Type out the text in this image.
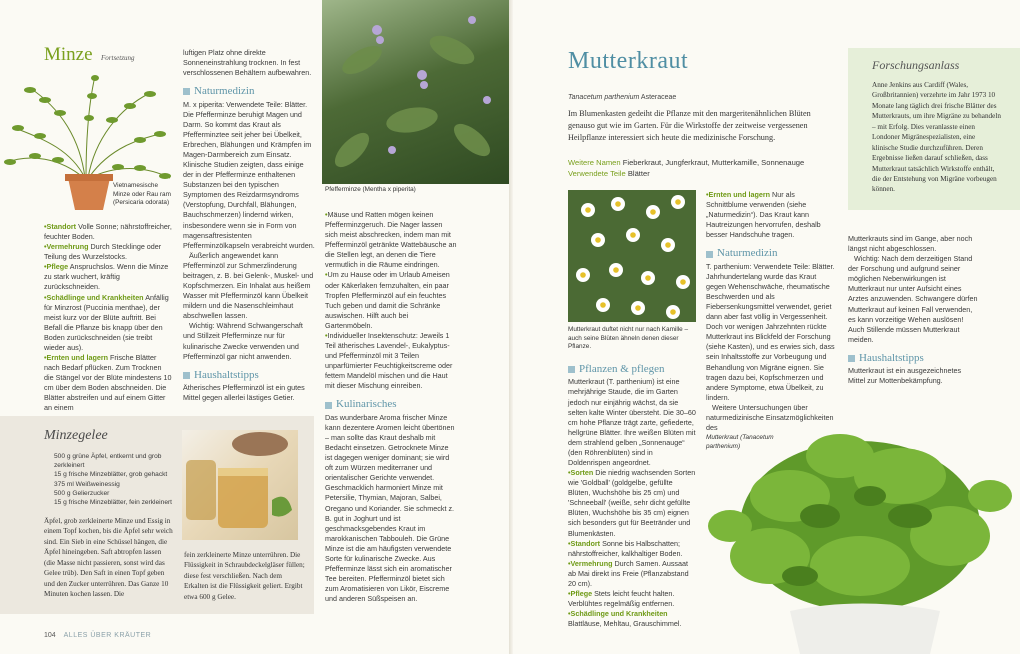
Minze Fortsetzung
Vietnamesische Minze oder Rau ram (Persicaria odorata)

• Standort Volle Sonne; nährstoffreicher, feuchter Boden.

• Vermehrung Durch Stecklinge oder Teilung des Wurzelstocks.

• Pflege Anspruchslos. Wenn die Minze zu stark wuchert, kräftig zurückschneiden.

• Schädlinge und Krankheiten Anfällig für Minzrost (Puccinia menthae), der meist kurz vor der Blüte auftritt. Bei Befall die Pflanze bis knapp über den Boden zurückschneiden (sie treibt wieder aus).

• Ernten und lagern Frische Blätter nach Bedarf pflücken. Zum Trocknen die Stängel vor der Blüte mindestens 10 cm über dem Boden abschneiden. Die Blätter abstreifen und auf einem Gitter an einem

luftigen Platz ohne direkte Sonneneinstrahlung trocknen. In fest verschlossenen Behältern aufbewahren.

Naturmedizin

M. x piperita: Verwendete Teile: Blätter. Die Pfefferminze beruhigt Magen und Darm. So kommt das Kraut als Pfefferminztee seit jeher bei Übelkeit, Erbrechen, Blähungen und Krämpfen im Magen-Darmbereich zum Einsatz. Klinische Studien zeigten, dass einige der in der Pfefferminze enthaltenen Substanzen bei den typischen Symptomen des Reizdarmsyndroms (Verstopfung, Durchfall, Blähungen, Bauchschmerzen) lindernd wirken, insbesondere wenn sie in Form von magensaftresistenten Pfefferminzölkapseln verabreicht wurden.

Äußerlich angewendet kann Pfefferminzöl zur Schmerzlinderung beitragen, z. B. bei Gelenk-, Muskel- und Kopfschmerzen. Ein Inhalat aus heißem Wasser mit Pfefferminzöl kann Übelkeit mildern und die Nasenschleimhaut abschwellen lassen.

Wichtig: Während Schwangerschaft und Stillzeit Pfefferminze nur für kulinarische Zwecke verwenden und Pfefferminzöl gar nicht anwenden.

Haushaltstipps

Ätherisches Pfefferminzöl ist ein gutes Mittel gegen allerlei lästiges Getier.

Pfefferminze (Mentha x piperita)

• Mäuse und Ratten mögen keinen Pfefferminzgeruch. Die Nager lassen sich meist abschrecken, indem man mit Pfefferminzöl getränkte Wattebäusche an die Stellen legt, an denen die Tiere vermutlich in die Räume eindringen.

• Um zu Hause oder im Urlaub Ameisen oder Käkerlaken fernzuhalten, ein paar Tropfen Pfefferminzöl auf ein feuchtes Tuch geben und damit die Schränke auswischen. Hilft auch bei Gartenmöbeln.

• Individueller Insektenschutz: Jeweils 1 Teil ätherisches Lavendel-, Eukalyptus- und Pfefferminzöl mit 3 Teilen unparfümierter Feuchtigkeitscreme oder fettem Mandelöl mischen und die Haut mit dieser Mischung einreiben.

Kulinarisches

Das wunderbare Aroma frischer Minze kann dezentere Aromen leicht übertönen – man sollte das Kraut deshalb mit Bedacht einsetzen. Getrocknete Minze ist dagegen weniger dominant; sie wird oft zum Würzen mediterraner und orientalischer Gerichte verwendet. Geschmacklich harmoniert Minze mit Petersilie, Thymian, Majoran, Salbei, Oregano und Koriander. Sie schmeckt z. B. gut in Joghurt und ist geschmacksgebendes Kraut im marokkanischen Tabbouleh. Die Grüne Minze ist die am häufigsten verwendete Sorte für kulinarische Zwecke. Aus Pfefferminze lässt sich ein aromatischer Tee bereiten. Pfefferminzöl bietet sich zum Aromatisieren von Likör, Eiscreme und anderen Süßspeisen an.

Minzegelee

500 g grüne Äpfel, entkernt und grob zerkleinert

15 g frische Minzeblätter, grob gehackt

375 ml Weißweinessig

500 g Gelierzucker

15 g frische Minzeblätter, fein zerkleinert

Äpfel, grob zerkleinerte Minze und Essig in einem Topf kochen, bis die Äpfel sehr weich sind. Ein Sieb in eine Schüssel hängen, die Äpfel hineingeben. Saft abtropfen lassen (die Masse nicht passieren, sonst wird das Gelee trüb). Den Saft in einen Topf geben und den Zucker unterrühren. Das Ganze 10 Minuten kochen lassen. Die
fein zerkleinerte Minze unterrühren. Die Flüssigkeit in Schraubdeckelgläser füllen; diese fest verschließen. Nach dem Erkalten ist die Flüssigkeit geliert. Ergibt etwa 600 g Gelee.
104 ALLES ÜBER KRÄUTER
Mutterkraut
Tanacetum parthenium Asteraceae
Im Blumenkasten gedeiht die Pflanze mit den margeritenähnlichen Blüten genauso gut wie im Garten. Für die Wirkstoffe der zeitweise vergessenen Heilpflanze interessiert sich heute die medizinische Forschung.

Weitere Namen Fieberkraut, Jungferkraut, Mutterkamille, Sonnenauge

Verwendete Teile Blätter

Mutterkraut duftet nicht nur nach Kamille – auch seine Blüten ähneln denen dieser Pflanze.
Pflanzen & pflegen

Mutterkraut (T. parthenium) ist eine mehrjährige Staude, die im Garten jedoch nur einjährig wächst, da sie selten kalte Winter übersteht. Die 30–60 cm hohe Pflanze trägt zarte, gefiederte, hellgrüne Blätter. Ihre weißen Blüten mit dem strahlend gelben „Sonnenauge“ (den Röhrenblüten) sind in Doldenrispen angeordnet.

• Sorten Die niedrig wachsenden Sorten wie 'Goldball' (goldgelbe, gefüllte Blüten, Wuchshöhe bis 25 cm) und 'Schneeball' (weiße, sehr dicht gefüllte Blüten, Wuchshöhe bis 35 cm) eignen sich besonders gut für Beetränder und Blumenkästen.

• Standort Sonne bis Halbschatten; nährstoffreicher, kalkhaltiger Boden.

• Vermehrung Durch Samen. Aussaat ab Mai direkt ins Freie (Pflanzabstand 20 cm).

• Pflege Stets leicht feucht halten. Verblühtes regelmäßig entfernen.

• Schädlinge und Krankheiten Blattläuse, Mehltau, Grauschimmel.

• Ernten und lagern Nur als Schnittblume verwenden (siehe „Naturmedizin“). Das Kraut kann Hautreizungen hervorrufen, deshalb besser Handschuhe tragen.

Naturmedizin

T. parthenium: Verwendete Teile: Blätter. Jahrhundertelang wurde das Kraut gegen Wehenschwäche, rheumatische Beschwerden und als Fiebersenkungsmittel verwendet, geriet dann aber fast völlig in Vergessenheit. Doch vor wenigen Jahrzehnten rückte Mutterkraut ins Blickfeld der Forschung (siehe Kasten), und es erwies sich, dass sein Inhaltsstoffe zur Vorbeugung und Behandlung von Migräne eignen. Sie tragen dazu bei, Kopfschmerzen und andere Symptome, etwa Übelkeit, zu lindern.

Weitere Untersuchungen über naturmedizinische Einsatzmöglichkeiten des

Forschungsanlass
Anne Jenkins aus Cardiff (Wales, Großbritannien) verzehrte im Jahr 1973 10 Monate lang täglich drei frische Blätter des Mutterkrauts, um ihre Migräne zu behandeln – mit Erfolg. Dies veranlasste einen Londoner Migränespezialisten, eine klinische Studie durchzuführen. Deren Ergebnisse ließen darauf schließen, dass Mutterkraut tatsächlich Wirkstoffe enthält, die der Entstehung von Migräne vorbeugen können.

Mutterkrauts sind im Gange, aber noch längst nicht abgeschlossen.

Wichtig: Nach dem derzeitigen Stand der Forschung und aufgrund seiner möglichen Nebenwirkungen ist Mutterkraut nur unter Aufsicht eines Arztes anzuwenden. Schwangere dürfen Mutterkraut auf keinen Fall verwenden, es kann vorzeitige Wehen auslösen! Auch Stillende müssen Mutterkraut meiden.

Haushaltstipps

Mutterkraut ist ein ausgezeichnetes Mittel zur Mottenbekämpfung.

Mutterkraut (Tanacetum parthenium)
